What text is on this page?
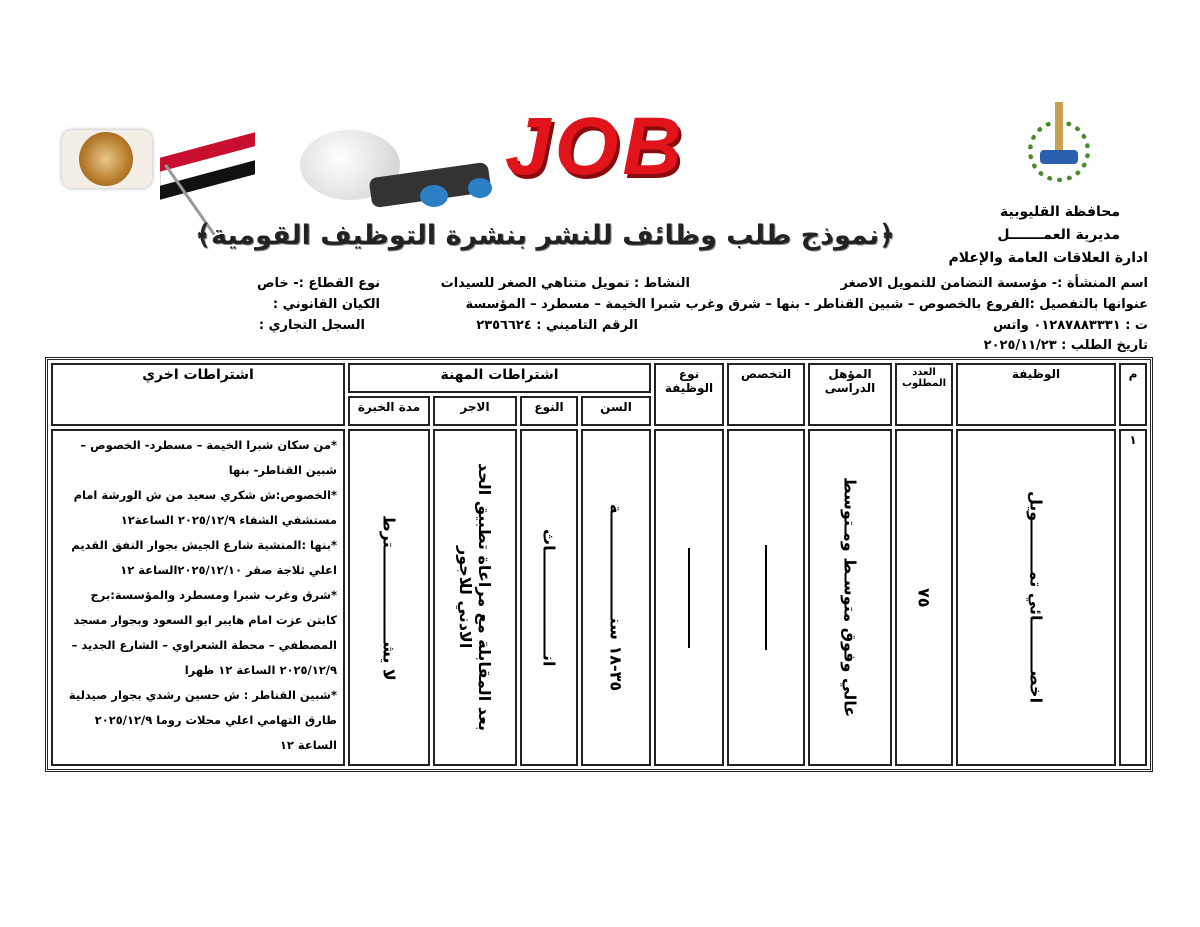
JOB
﴿نموذج طلب وظائف للنشر بنشرة التوظيف القومية﴾
محافظة القليوبية
مديرية العمـــــــل
ادارة العلاقات العامة والإعلام
اسم المنشأة :- مؤسسة التضامن للتمويل الاصغر
النشاط : تمويل متناهي الصغر للسيدات
نوع القطاع :- خاص
عنوانها بالتفصيل :الفروع بالخصوص – شبين القناطر - بنها – شرق وغرب شبرا الخيمة – مسطرد – المؤسسة
الكيان القانوني :
ت : ٠١٢٨٧٨٨٣٣٣١ واتس
الرقم التاميني : ٢٣٥٦٦٢٤
السجل التجاري :
تاريخ الطلب : ٢٠٢٥/١١/٢٣
م	الوظيفة	العدد المطلوب	المؤهل الدراسى	التخصص	نوع الوظيفة	اشتراطات المهنة				اشتراطات اخري
						السن	النوع	الاجر	مدة الخبرة	
١	اخصـــــــــائي تمـــــــــويل	٧٥	عالي وفوق متوسـط ومـتوسط			٣٥-١٨ سنـــــــــــــــــــة	انـــــــــــــــــــاث	بعد المقابلة مع مراعاة تطبيق الحد الادني للاجور	لا يشـــــــــــــــــترط	*من سكان شبرا الخيمة – مسطرد- الخصوص – شبين القناطر- بنها
*الخصوص:ش شكري سعيد من ش الورشة امام مستشفي الشفاء ٢٠٢٥/١٢/٩ الساعة١٢
*بنها :المنشية شارع الجيش بجوار النفق القديم اعلي ثلاجة صقر ٢٠٢٥/١٢/١٠الساعة ١٢
*شرق وغرب شبرا ومسطرد والمؤسسة:برج كابتن عزت امام هايبر ابو السعود وبجوار مسجد المصطفي – محطة الشعراوي – الشارع الجديد – ٢٠٢٥/١٢/٩ الساعة ١٢ ظهرا
*شبين القناطر : ش حسين رشدي بجوار صيدلية طارق التهامي اعلي محلات روما ٢٠٢٥/١٢/٩ الساعة ١٢
